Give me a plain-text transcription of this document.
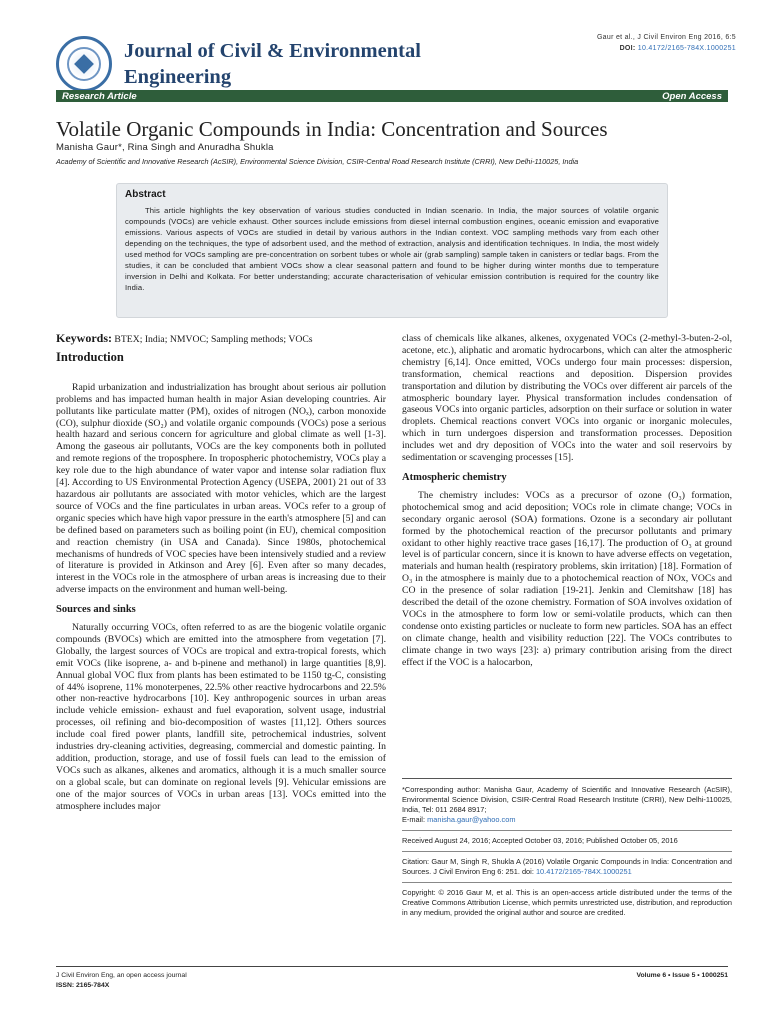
Journal of Civil & Environmental Engineering
Gaur et al., J Civil Environ Eng 2016, 6:5
DOI: 10.4172/2165-784X.1000251
Research Article	Open Access
Volatile Organic Compounds in India: Concentration and Sources
Manisha Gaur*, Rina Singh and Anuradha Shukla
Academy of Scientific and Innovative Research (AcSIR), Environmental Science Division, CSIR-Central Road Research Institute (CRRI), New Delhi-110025, India
Abstract

This article highlights the key observation of various studies conducted in Indian scenario. In India, the major sources of volatile organic compounds (VOCs) are vehicle exhaust. Other sources include emissions from diesel internal combustion engines, oceanic emission and evaporative emissions. Various aspects of VOCs are studied in detail by various authors in the Indian context. VOC sampling methods vary from each other depending on the techniques, the type of adsorbent used, and the method of extraction, analysis and identification techniques. In India, the most widely used method for VOCs sampling are pre-concentration on sorbent tubes or whole air (grab sampling) sample taken in canisters or tedlar bags. From the studies, it can be concluded that ambient VOCs show a clear seasonal pattern and found to be higher during winter months due to temperature inversion in Delhi and Kolkata. For better understanding; accurate characterisation of vehicular emission contribution is required for the country like India.

Keywords: BTEX; India; NMVOC; Sampling methods; VOCs

Introduction

Rapid urbanization and industrialization has brought about serious air pollution problems and has impacted human health in major Asian developing countries. Air pollutants like particulate matter (PM), oxides of nitrogen (NOₓ), carbon monoxide (CO), sulphur dioxide (SO₂) and volatile organic compounds (VOCs) pose a serious health hazard and serious concern for agriculture and global climate as well [1-3]. Among the gaseous air pollutants, VOCs are the key components both in polluted and remote regions of the troposphere. In tropospheric photochemistry, VOCs play a key role due to the high abundance of water vapor and intense solar radiation flux [4]. According to US Environmental Protection Agency (USEPA, 2001) 21 out of 33 hazardous air pollutants are associated with motor vehicles, which are the largest source of VOCs and the fine particulates in urban areas. VOCs refer to a group of organic species which have high vapor pressure in the earth's atmosphere [5] and can be defined based on parameters such as boiling point (in EU), chemical composition and reaction chemistry (in USA and Canada). Since 1980s, photochemical mechanisms of hundreds of VOC species have been intensively studied and a review of literature is provided in Atkinson and Arey [6]. Even after so many decades, interest in the VOCs role in the atmosphere of urban areas is increasing due to their adverse impacts on the environment and human well-being.

Sources and sinks

Naturally occurring VOCs, often referred to as are the biogenic volatile organic compounds (BVOCs) which are emitted into the atmosphere from vegetation [7]. Globally, the largest sources of VOCs are tropical and extra-tropical forests, which emit VOCs (like isoprene, a- and b-pinene and methanol) in large quantities [8,9]. Annual global VOC flux from plants has been estimated to be 1150 tg-C, consisting of 44% isoprene, 11% monoterpenes, 22.5% other reactive hydrocarbons and 22.5% other non-reactive hydrocarbons [10]. Key anthropogenic sources in urban areas include vehicle emission- exhaust and fuel evaporation, solvent usage, industrial processes, oil refining and bio-decomposition of wastes [11,12]. Others sources include coal fired power plants, landfill site, petrochemical industries, solvent industries dry-cleaning activities, degreasing, commercial and domestic painting. In addition, production, storage, and use of fossil fuels can lead to the emission of VOCs such as alkanes, alkenes and aromatics, although it is a much smaller source on a global scale, but can dominate on regional levels [9]. Vehicular emissions are one of the major sources of VOCs in urban areas [13]. VOCs emitted into the atmosphere includes major

class of chemicals like alkanes, alkenes, oxygenated VOCs (2-methyl-3-buten-2-ol, acetone, etc.), aliphatic and aromatic hydrocarbons, which can alter the atmospheric chemistry [6,14]. Once emitted, VOCs undergo four main processes: dispersion, transformation, chemical reactions and deposition. Dispersion provides transportation and dilution by distributing the VOCs over different air parcels of the atmospheric boundary layer. Physical transformation includes condensation of gaseous VOCs into organic particles, adsorption on their surface or solution in water droplets. Chemical reactions convert VOCs into organic or inorganic molecules, which in turn undergoes dispersion and transformation processes. Deposition includes wet and dry deposition of VOCs into the water and soil reservoirs by sedimentation or scavenging processes [15].

Atmospheric chemistry

The chemistry includes: VOCs as a precursor of ozone (O₃) formation, photochemical smog and acid deposition; VOCs role in climate change; VOCs in secondary organic aerosol (SOA) formations. Ozone is a secondary air pollutant formed by the photochemical reaction of the precursor pollutants and primary oxidant to other highly reactive trace gases [16,17]. The production of O₃ at ground level is of particular concern, since it is known to have adverse effects on vegetation, materials and human health (respiratory problems, skin irritation) [18]. Formation of O₃ in the atmosphere is mainly due to a photochemical reaction of NOx, VOCs and CO in the presence of solar radiation [19-21]. Jenkin and Clemitshaw [18] has described the detail of the ozone chemistry. Formation of SOA involves oxidation of VOCs in the atmosphere to form low or semi-volatile products, which can then condense onto existing particles or nucleate to form new particles. SOA has an effect on climate change, health and visibility reduction [22]. The VOCs contributes to climate change in two ways [23]: a) primary contribution arising from the direct effect if the VOC is a halocarbon,

*Corresponding author: Manisha Gaur, Academy of Scientific and Innovative Research (AcSIR), Environmental Science Division, CSIR-Central Road Research Institute (CRRI), New Delhi-110025, India, Tel: 011 2684 8917;

E-mail: manisha.gaur@yahoo.com

Received August 24, 2016; Accepted October 03, 2016; Published October 05, 2016

Citation: Gaur M, Singh R, Shukla A (2016) Volatile Organic Compounds in India: Concentration and Sources. J Civil Environ Eng 6: 251. doi: 10.4172/2165-784X.1000251

Copyright: © 2016 Gaur M, et al. This is an open-access article distributed under the terms of the Creative Commons Attribution License, which permits unrestricted use, distribution, and reproduction in any medium, provided the original author and source are credited.

J Civil Environ Eng, an open access journal
ISSN: 2165-784X
Volume 6 • Issue 5 • 1000251
